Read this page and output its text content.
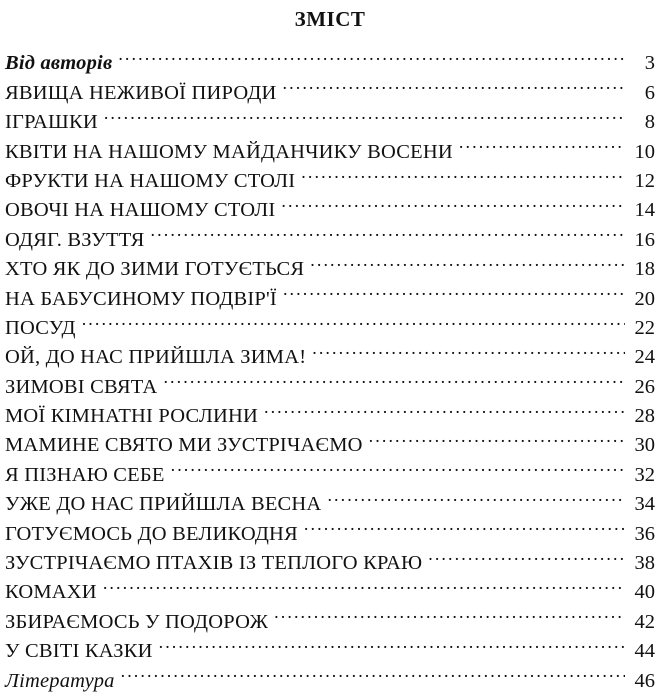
ЗМІСТ
Від авторів . . .	3
ЯВИЩА НЕЖИВОЇ ПИРОДИ . . .	6
ІГРАШКИ . . .	8
КВІТИ НА НАШОМУ МАЙДАНЧИКУ ВОСЕНИ . . .	10
ФРУКТИ НА НАШОМУ СТОЛІ . . .	12
ОВОЧІ НА НАШОМУ СТОЛІ . . .	14
ОДЯГ. ВЗУТТЯ . . .	16
ХТО ЯК ДО ЗИМИ ГОТУЄТЬСЯ . . .	18
НА БАБУСИНОМУ ПОДВІР'Ї . . .	20
ПОСУД . . .	22
ОЙ, ДО НАС ПРИЙШЛА ЗИМА! . . .	24
ЗИМОВІ СВЯТА . . .	26
МОЇ КІМНАТНІ РОСЛИНИ . . .	28
МАМИНЕ СВЯТО МИ ЗУСТРІЧАЄМО . . .	30
Я ПІЗНАЮ СЕБЕ . . .	32
УЖЕ ДО НАС ПРИЙШЛА ВЕСНА . . .	34
ГОТУЄМОСЬ ДО ВЕЛИКОДНЯ . . .	36
ЗУСТРІЧАЄМО ПТАХІВ ІЗ ТЕПЛОГО КРАЮ . . .	38
КОМАХИ . . .	40
ЗБИРАЄМОСЬ У ПОДОРОЖ . . .	42
У СВІТІ КАЗКИ . . .	44
Література . . .	46
